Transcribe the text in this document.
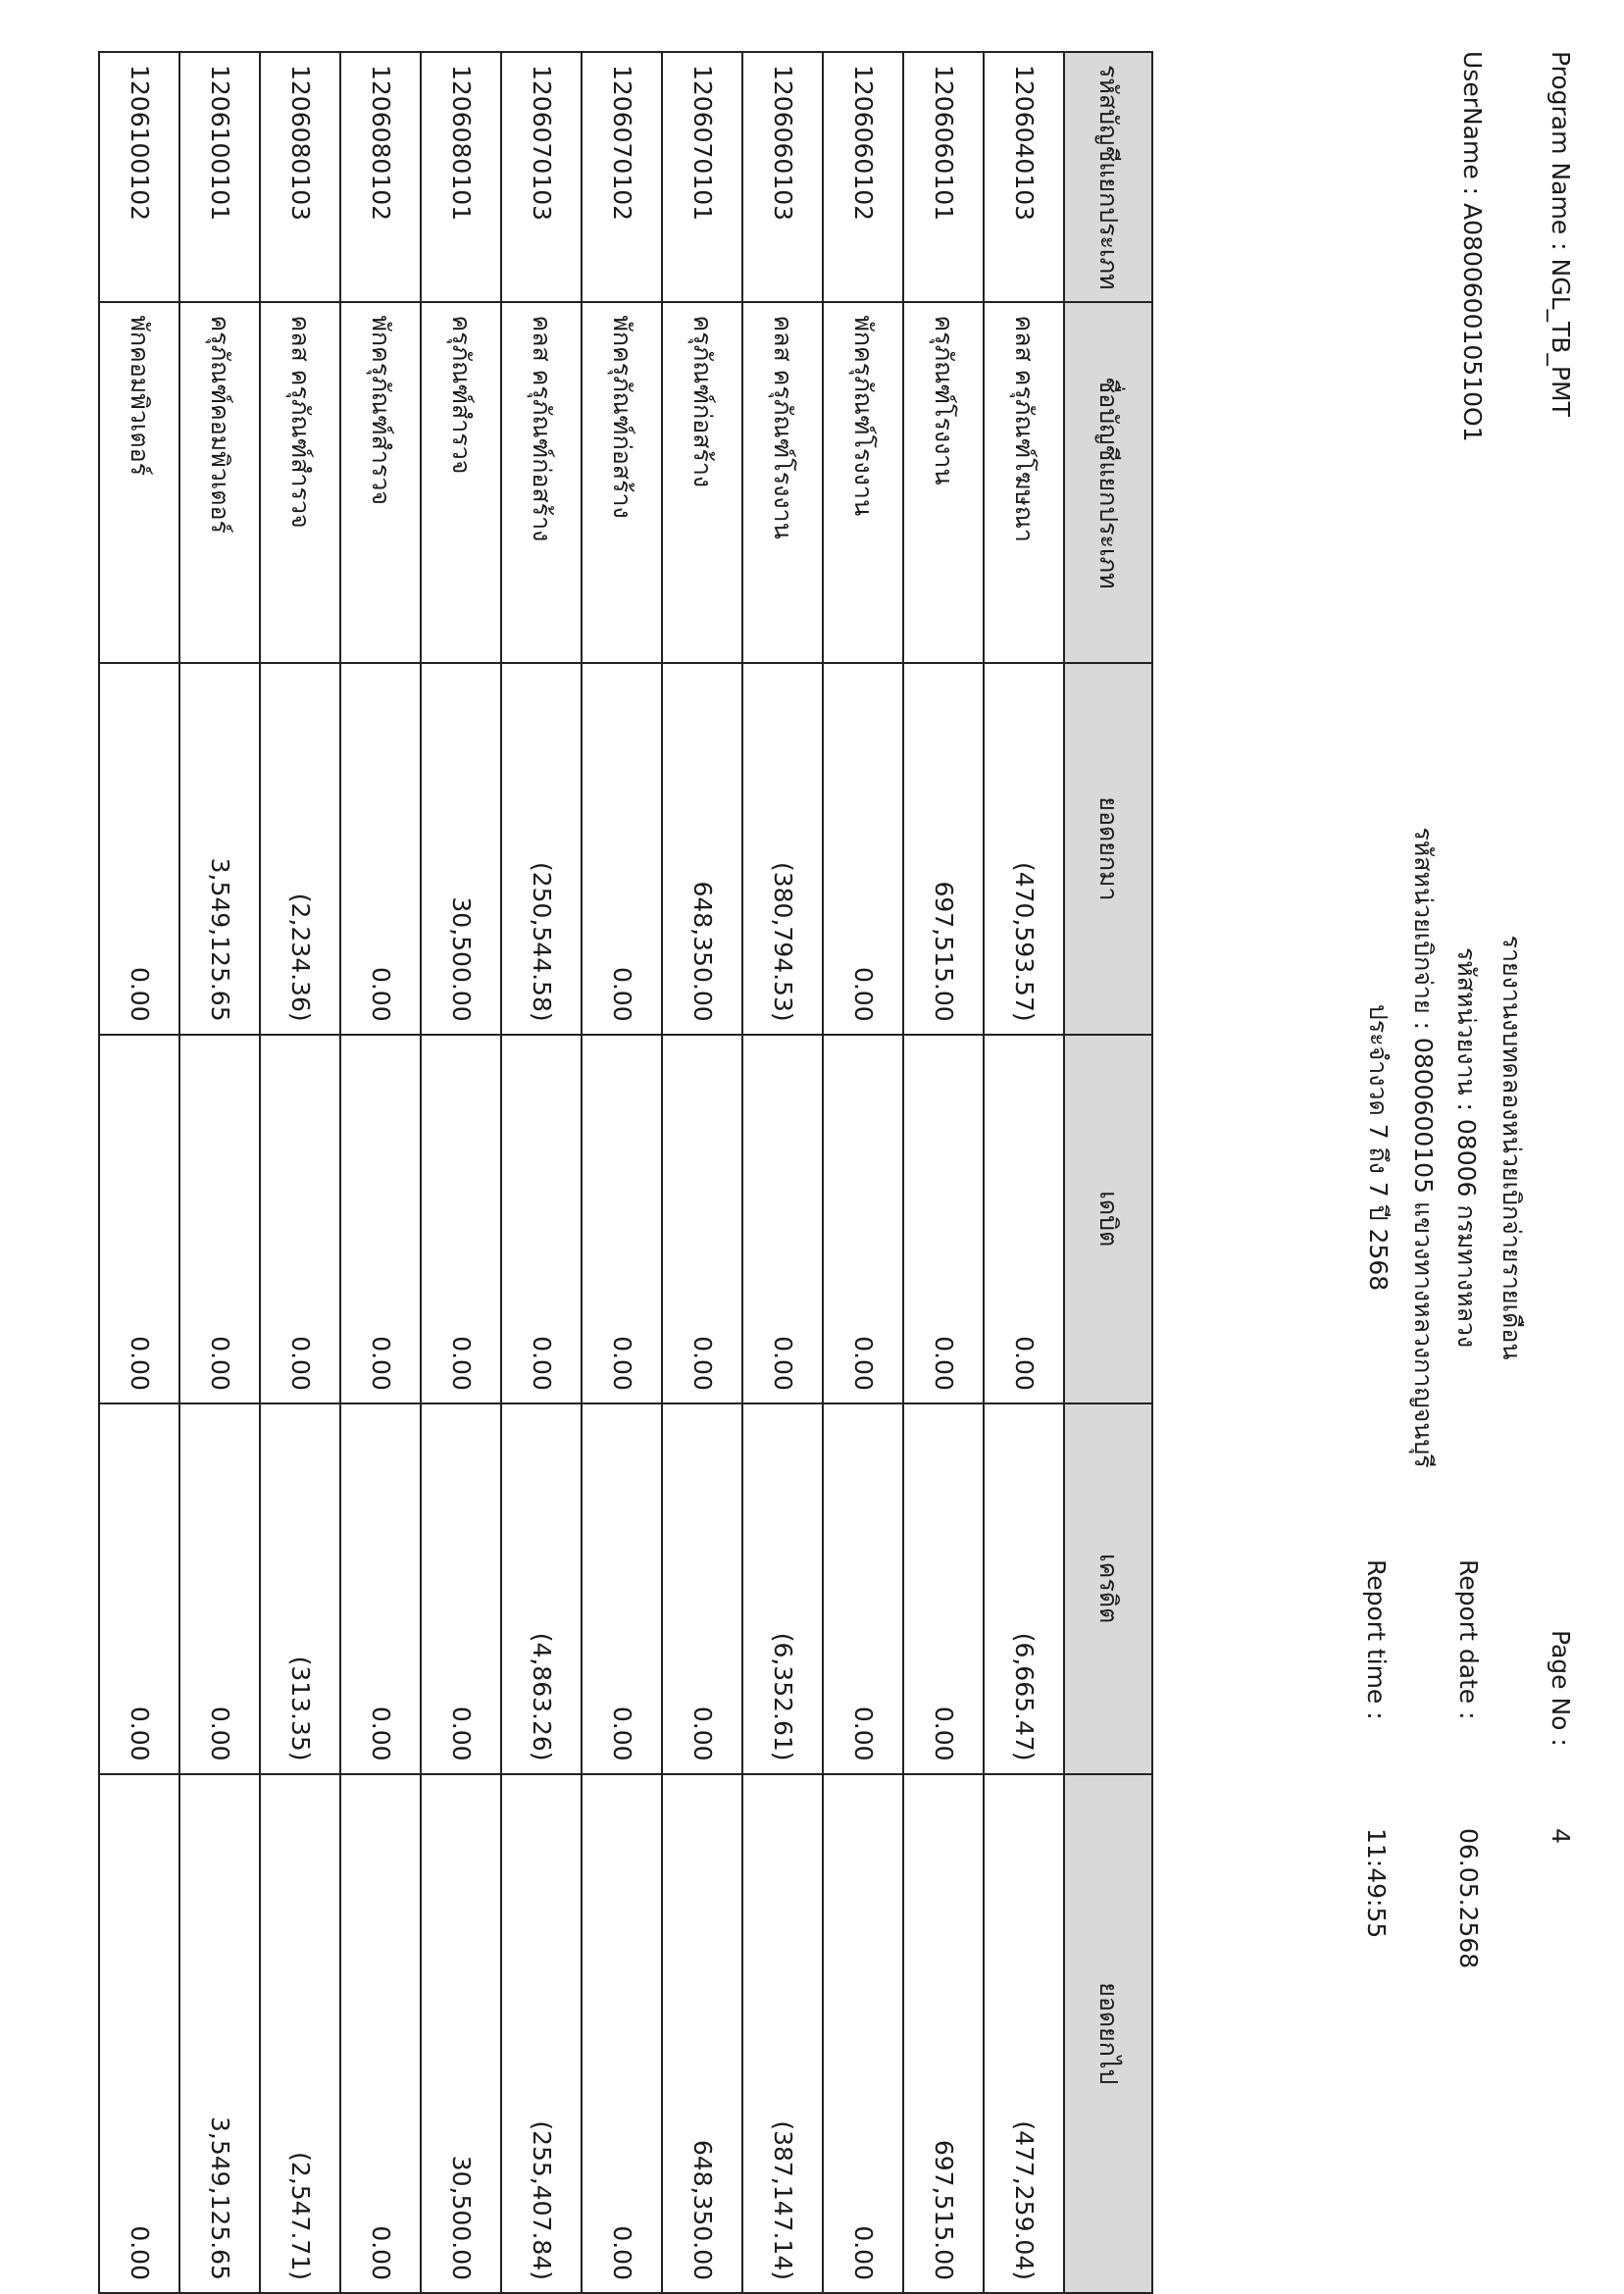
Program Name : NGL_TB_PMT
UserName : A080060010510O1
รายงานงบทดลองหน่วยเบิกจ่ายรายเดือน
รหัสหน่วยงาน : 08006 กรมทางหลวง
รหัสหน่วยเบิกจ่าย : 0800600105 แขวงทางหลวงกาญจนบุรี
ประจำงวด 7 ถึง 7 ปี 2568
Page No :
4
Report date :
06.05.2568
Report time :
11:49:55
รหัสบัญชีแยกประเภท	ชื่อบัญชีแยกประเภท	ยอดยกมา	เดบิต	เครดิต	ยอดยกไป
1206040103	คลส ครุภัณฑ์โฆษณา	(470,593.57)	0.00	(6,665.47)	(477,259.04)
1206060101	ครุภัณฑ์โรงงาน	697,515.00	0.00	0.00	697,515.00
1206060102	พักครุภัณฑ์โรงงาน	0.00	0.00	0.00	0.00
1206060103	คลส ครุภัณฑ์โรงงาน	(380,794.53)	0.00	(6,352.61)	(387,147.14)
1206070101	ครุภัณฑ์ก่อสร้าง	648,350.00	0.00	0.00	648,350.00
1206070102	พักครุภัณฑ์ก่อสร้าง	0.00	0.00	0.00	0.00
1206070103	คลส ครุภัณฑ์ก่อสร้าง	(250,544.58)	0.00	(4,863.26)	(255,407.84)
1206080101	ครุภัณฑ์สำรวจ	30,500.00	0.00	0.00	30,500.00
1206080102	พักครุภัณฑ์สำรวจ	0.00	0.00	0.00	0.00
1206080103	คลส ครุภัณฑ์สำรวจ	(2,234.36)	0.00	(313.35)	(2,547.71)
1206100101	ครุภัณฑ์คอมพิวเตอร์	3,549,125.65	0.00	0.00	3,549,125.65
1206100102	พักคอมพิวเตอร์	0.00	0.00	0.00	0.00
